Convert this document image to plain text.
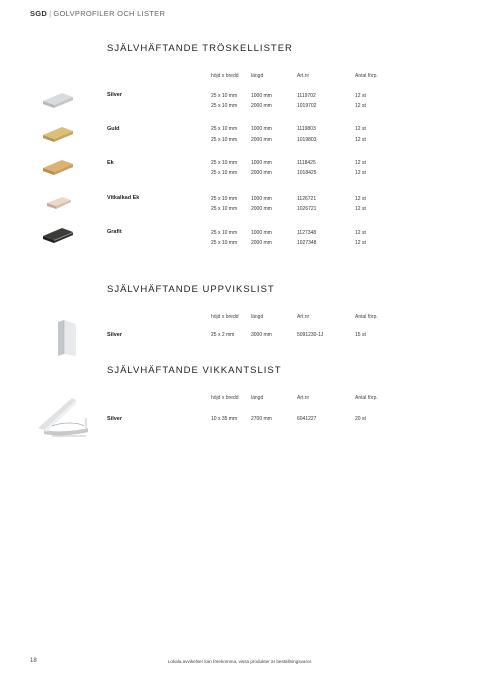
SGD | GOLVPROFILER OCH LISTER
SJÄLVHÄFTANDE TRÖSKELLISTER
höjd x bredd längd	Art.nr	Antal förp.
Silver	25 x 10 mm	1000 mm	1119702	12 st
25 x 10 mm	2000 mm	1019702	12 st
Guld	25 x 10 mm	1000 mm	1119803	12 st
25 x 10 mm	2000 mm	1019803	12 st
Ek	25 x 10 mm	1000 mm	1118425	12 st
25 x 10 mm	2000 mm	1018425	12 st
Vitkalkad Ek	25 x 10 mm	1000 mm	1126721	12 st
25 x 10 mm	2000 mm	1026721	12 st
Grafit	25 x 10 mm	1000 mm	1127348	12 st
25 x 10 mm	2000 mm	1027348	12 st
SJÄLVHÄFTANDE UPPVIKSLIST
höjd x bredd längd	Art.nr	Antal förp.
Silver	25 x 2 mm	3000 mm	5091230-1J	15 st
SJÄLVHÄFTANDE VIKKANTSLIST
höjd x bredd längd	Art.nr	Antal förp.
Silver	10 x 35 mm	2700 mm	6041227	20 st
18	Lokala avvikelser kan förekomma, vissa produkter är beställningsvaror.
